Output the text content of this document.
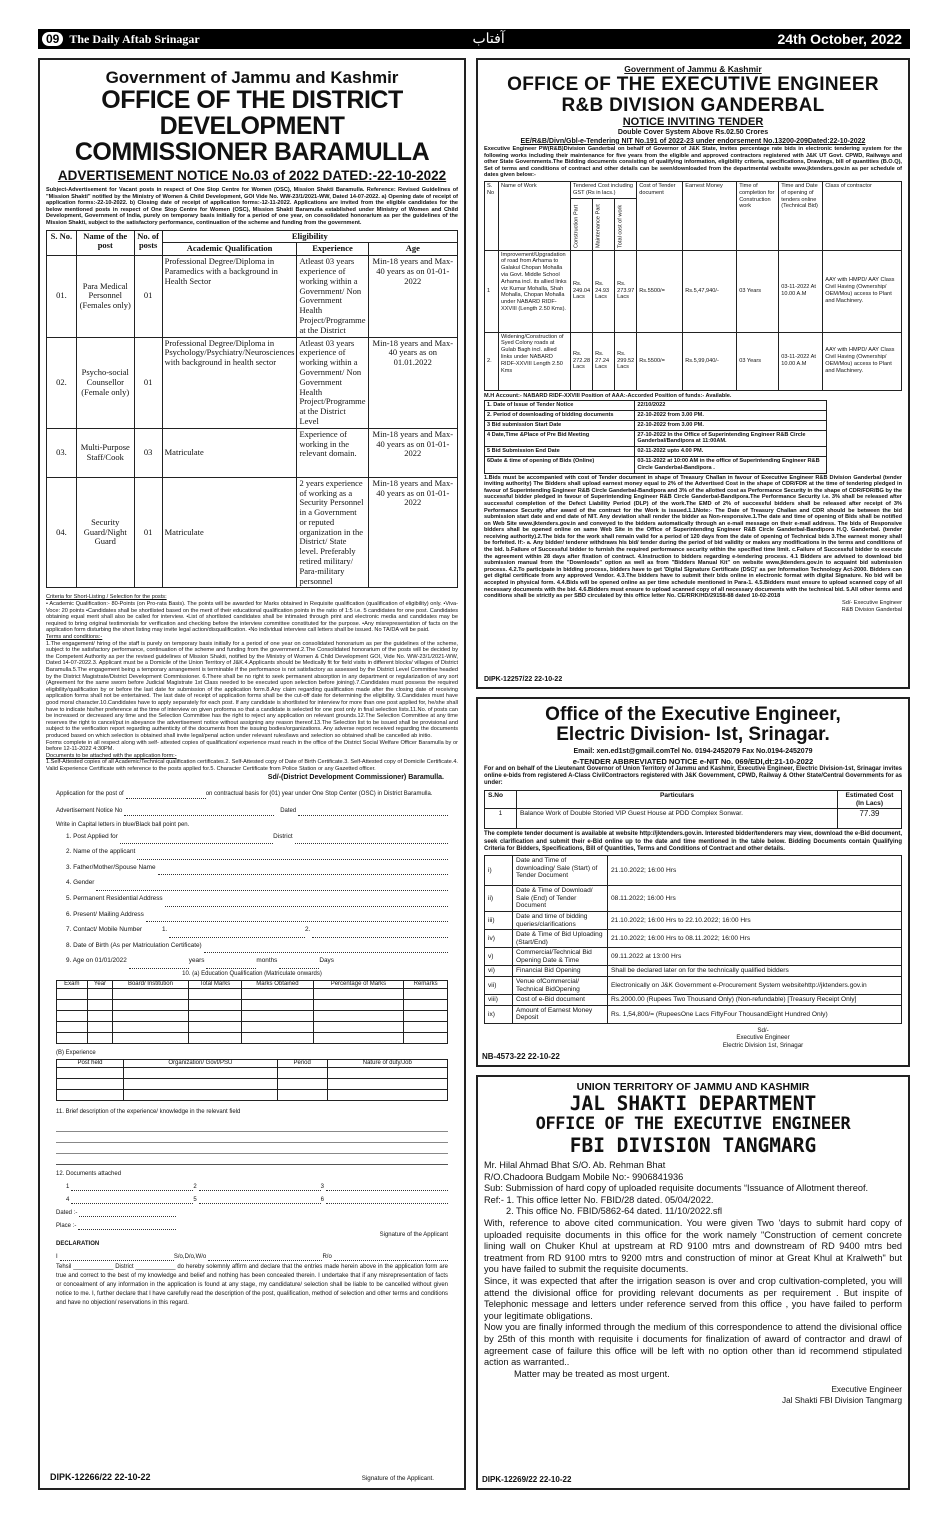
09 The Daily Aftab Srinagar	آفتاب	24th October, 2022
Government of Jammu and Kashmir
OFFICE OF THE DISTRICT DEVELOPMENT
COMMISSIONER BARAMULLA
ADVERTISEMENT NOTICE No.03 of 2022 DATED:-22-10-2022
Subject-Advertisement for Vacant posts in respect of One Stop Centre for Women (OSC), Mission Shakti Baramulla. Reference: Revised Guidelines of "Mission Shakti" notified by the Ministry of Women & Child Development, GOI Vide No. WW-23/1/2021-WW, Dated 14-07-2022. a) Opening date of receipt of application forms:-22-10-2022. b) Closing date of receipt of application forms:-12-11-2022. Applications are invited from the eligible candidates for the below mentioned posts in respect of One Stop Centre for Women (OSC), Mission Shakti Baramulla established under Ministry of Women and Child Development, Government of India, purely on temporary basis initially for a period of one year, on consolidated honorarium as per the guidelines of the Mission Shakti, subject to the satisfactory performance, continuation of the scheme and funding from the government.
S. No.	Name of the post	No. of posts	Eligibility		
			Academic Qualification	Experience	Age
01.	Para Medical Personnel (Females only)	01	Professional Degree/Diploma in Paramedics with a background in Health Sector	Atleast 03 years experience of working within a Government/ Non Government Health Project/Programme at the District	Min-18 years and Max-40 years as on 01-01-2022
02.	Psycho-social Counsellor (Female only)	01	Professional Degree/Diploma in Psychology/Psychiatry/Neurosciences with background in health sector	Atleast 03 years experience of working within a Government/ Non Government Health Project/Programme at the District Level	Min-18 years and Max-40 years as on 01.01.2022
03.	Multi-Purpose Staff/Cook	03	Matriculate	Experience of working in the relevant domain.	Min-18 years and Max-40 years as on 01-01-2022
04.	Security Guard/Night Guard	01	Matriculate	2 years experience of working as a Security Personnel in a Government or reputed organization in the District/ State level. Preferably retired military/ Para-military personnel	Min-18 years and Max-40 years as on 01-01-2022
Criteria for Short-Listing / Selection for the posts:
• Academic Qualification:- 80-Points (on Pro-rata Basis). The points will be awarded for Marks obtained in Requisite qualification (qualification of eligibility) only. •Viva-Voce: 20 points •Candidates shall be shortlisted based on the merit of their educational qualification points in the ratio of 1:5 i.e. 5 candidates for one post. Candidates obtaining equal merit shall also be called for interview. •List of shortlisted candidates shall be intimated through print and electronic media and candidates may be required to bring original testimonials for verification and checking before the interview committee constituted for the purpose. •Any misrepresentation of facts on the application form disturbing the short listing may invite legal action/disqualification. •No individual interview call letters shall be issued. No TA/DA will be paid.
Terms and conditions:-
1.The engagement/ hiring of the staff is purely on temporary basis initially for a period of one year on consolidated honorarium as per the guidelines of the scheme, subject to the satisfactory performance, continuation of the scheme and funding from the government.2.The Consolidated honorarium of the posts will be decided by the Competent Authority as per the revised guidelines of Mission Shakti, notified by the Ministry of Women & Child Development GOI, Vide No. WW-23/1/2021-WW, Dated 14-07-2022.3. Applicant must be a Domicile of the Union Territory of J&K.4.Applicants should be Medically fit for field visits in different blocks/ villages of District Baramulla.5.The engagement being a temporary arrangement is terminable if the performance is not satisfactory as assessed by the District Level Committee headed by the District Magistrate/District Development Commissioner. 6.There shall be no right to seek permanent absorption in any department or regularization of any sort (Agreement for the same sworn before Judicial Magistrate 1st Class needed to be executed upon selection before joining).7.Candidates must possess the required eligibility/qualification by or before the last date for submission of the application form.8.Any claim regarding qualification made after the closing date of receiving application forms shall not be entertained. The last date of receipt of application forms shall be the cut-off date for determining the eligibility. 9.Candidates must have good moral character.10.Candidates have to apply separately for each post. If any candidate is shortlisted for interview for more than one post applied for, he/she shall have to indicate his/her preference at the time of interview on given proforma so that a candidate is selected for one post only in final selection lists.11.No. of posts can be increased or decreased any time and the Selection Committee has the right to reject any application on relevant grounds.12.The Selection Committee at any time reserves the right to cancel/put in abeyance the advertisement notice without assigning any reason thereof.13.The Selection list to be issued shall be provisional and subject to the verification report regarding authenticity of the documents from the issuing bodies/organizations. Any adverse report received regarding the documents produced based on which selection is obtained shall invite legal/penal action under relevant rules/laws and selection so obtained shall be cancelled ab initio.
Forms complete in all respect along with self- attested copies of qualification/ experience must reach in the office of the District Social Welfare Officer Baramulla by or before 12-11-2022 4:30PM.
Documents to be attached with the application form:-
1.Self-Attested copies of all Academic/Technical qualification certificates.2. Self-Attested copy of Date of Birth Certificate.3. Self-Attested copy of Domicile Certificate.4. Valid Experience Certificate with reference to the posts applied for.5. Character Certificate from Police Station or any Gazetted officer.
Sd/-(District Development Commissioner) Baramulla.
Application for the post of	on contractual basis for (01) year under One Stop Center (OSC) in District Baramulla.
Advertisement Notice No	Dated
Write in Capital letters in blue/Black ball point pen.
1. Post Applied for	District
2. Name of the applicant
3. Father/Mother/Spouse Name
4. Gender
5. Permanent Residential Address
6. Present/ Mailing Address
7. Contact/ Mobile Number	1.	2.
8. Date of Birth (As per Matriculation Certificate)
9. Age on 01/01/2022	years	months	Days
10. (a) Education Qualification (Matriculate onwards)
Exam	Year	Board/ Institution	Total Marks	Marks Obtained	Percentage of Marks	Remarks

(B) Experience
Post held	Organization/ Govt/PSU	Period	Nature of duty/Job

11. Brief description of the experience/ knowledge in the relevant field
12. Documents attached
1	2	3
4	5	6
Dated :-
Place :-
Signature of the Applicant
DECLARATION
I	S/o,D/o,W/o	R/o
Tehsil ____________ District ____________ do hereby solemnly affirm and declare that the entries made herein above in the application form are true and correct to the best of my knowledge and belief and nothing has been concealed therein. I undertake that if any misrepresentation of facts or concealment of any information in the application is found at any stage, my candidature/ selection shall be liable to be cancelled without given notice to me. I, further declare that I have carefully read the description of the post, qualification, method of selection and other terms and conditions and have no objection/ reservations in this regard.
DIPK-12266/22 22-10-22	Signature of the Applicant.
Government of Jammu & Kashmir
OFFICE OF THE EXECUTIVE ENGINEER
R&B DIVISION GANDERBAL
NOTICE INVITING TENDER
Double Cover System Above Rs.02.50 Crores
EE/R&B/Divn/Gbl-e-Tendering NIT No.191 of 2022-23 under endorsement No.13200-209Dated:22-10-2022
Executive Engineer PW(R&B)Division Ganderbal on behalf of Governor of J&K State, invites percentage rate bids in electronic tendering system for the following works including their maintenance for five years from the eligible and approved contractors registered with J&K UT Govt. CPWD, Railways and other State Governments.The Bidding documents consisting of qualifying information, eligibility criteria, specifications, Drawings, bill of quantities (B.O.Q), Set of terms and conditions of contract and other details can be seen/downloaded from the departmental website www.jktenders.gov.in as per schedule of dates given below:-
S. No	Name of Work	Tendered Cost including GST (Rs in lacs.)			Cost of Tender document	Earnest Money	Time of completion for Construction work	Time and Date of opening of tenders online (Technical Bid)	Class of contractor
		Construction Part	Maintenance Part	Total cost of work					
1	Improvement/Upgradation of road from Arhama to Galakul Chopan Mohalla via Govt. Middle School Arhama incl. its allied links viz Kumar Mohalla, Shah Mohalla, Chopan Mohalla under NABARD RIDF-XXVIII (Length 2.50 Kms).	Rs. 249.04 Lacs	Rs. 24.93 Lacs	Rs. 273.97 Lacs	Rs.5500/=	Rs.5,47,940/-	03 Years	03-11-2022 At 10.00 A.M	AAY with HMPD/ AAY Class Civil Having (Ownership/ OEM/Mou) access to Plant and Machinery.
2.	Widening/Construction of Syed Colony roads at Gulab Bagh incl. allied links under NABARD RIDF-XXVIII Length 2.50 Kms	Rs. 272.28 Lacs	Rs. 27.24 Lacs	Rs. 299.52 Lacs	Rs.5500/=	Rs.5,99,040/-	03 Years	03-11-2022 At 10.00 A.M	AAY with HMPD/ AAY Class Civil Having (Ownership/ OEM/Mou) access to Plant and Machinery.
M.H Account:- NABARD RIDF-XXVIII Position of AAA:-Accorded Position of funds:- Available.
1. Date of Issue of Tender Notice	22/10/2022
2. Period of downloading of bidding documents	22-10-2022 from 3.00 PM.
3 Bid submission Start Date	22-10-2022 from 3.00 PM.
4 Date,Time &Place of Pre Bid Meeting	27-10-2022 In the Office of Superintending Engineer R&B Circle Ganderbal/Bandipora at 11:00AM.
5 Bid Submission End Date	02-11-2022 upto 4.00 PM.
6Date & time of opening of Bids (Online)	03-11-2022 at 10:00 AM in the office of Superintending Engineer R&B Circle Ganderbal-Bandipora .
1.Bids must be accompanied with cost of Tender document in shape of Treasury Challan in favour of Executive Engineer R&B Division Ganderbal (tender inviting authority) The Bidders shall upload earnest money equal to 2% of the Advertised Cost in the shape of CDR/FDR at the time of tendering pledged in favour of Superintending Engineer R&B Circle Ganderbal-Bandipora and 3% of the allotted cost as Performance Security in the shape of CDR/FDR/BG by the successful bidder pledged in favour of Superintending Engineer R&B Circle Ganderbal-Bandipora.The Performance Security i.e. 3% shall be released after successful completion of the Defect Liability Period (DLP) of the work.The EMD of 2% of successful bidders shall be released after receipt of 3% Performance Security after award of the contract for the Work is issued.1.1Note:- The Date of Treasury Challan and CDR should be between the bid submission start date and end date of NIT. Any deviation shall render the bidder as Non-responsive.1.The date and time of opening of Bids shall be notified on Web Site www.jktenders.gov.in and conveyed to the bidders automatically through an e-mail message on their e-mail address. The bids of Responsive bidders shall be opened online on same Web Site in the Office of Superintending Engineer R&B Circle Ganderbal-Bandipora H.Q. Ganderbal. (tender receiving authority).2.The bids for the work shall remain valid for a period of 120 days from the date of opening of Technical bids 3.The earnest money shall be forfeited. If:- a. Any bidder/ tenderer withdraws his bid/ tender during the period of bid validity or makes any modifications in the terms and conditions of the bid. b.Failure of Successful bidder to furnish the required performance security within the specified time limit. c.Failure of Successful bidder to execute the agreement within 28 days after fixation of contract. 4.Instruction to bidders regarding e-tendering process. 4.1 Bidders are advised to download bid submission manual from the "Downloads" option as well as from "Bidders Manual Kit" on website www.jktenders.gov.in to acquaint bid submission process. 4.2.To participate in bidding process, bidders have to get 'Digital Signature Certificate (DSC)' as per Information Technology Act-2000. Bidders can get digital certificate from any approved Vendor. 4.3.The bidders have to submit their bids online in electronic format with digital Signature. No bid will be accepted in physical form. 4.4.Bids will be opened online as per time schedule mentioned in Para-1. 4.5.Bidders must ensure to upload scanned copy of all necessary documents with the bid. 4.6.Bidders must ensure to upload scanned copy of all necessary documents with the technical bid. 5.All other terms and conditions shall be strictly as per SBD circulated by this office letter No. CE/RRK/HD/29158-88 dated 10-02-2018
Sd/- Executive Engineer
R&B Division Ganderbal
DIPK-12257/22 22-10-22
Office of the Executive Engineer,
Electric Division- Ist, Srinagar.
Email: xen.ed1st@gmail.comTel No. 0194-2452079 Fax No.0194-2452079
e-TENDER ABBREVIATED NOTICE e-NIT No. 069/EDI,dt:21-10-2022
For and on behalf of the Lieutenant Governor of Union Territory of Jammu and Kashmir, Executive Engineer, Electric Division-1st, Srinagar invites online e-bids from registered A-Class CivilContractors registered with J&K Government, CPWD, Railway & Other State/Central Governments for as under:
S.No	Particulars	Estimated Cost (In Lacs)
1	Balance Work of Double Storied VIP Guest House at PDD Complex Sonwar.	77.39
The complete tender document is available at website http://jktenders.gov.in. Interested bidder/tenderers may view, download the e-Bid document, seek clarification and submit their e-Bid online up to the date and time mentioned in the table below. Bidding Documents contain Qualifying Criteria for Bidders, Specifications, Bill of Quantities, Terms and Conditions of Contract and other details.
i)	Date and Time of downloading/ Sale (Start) of Tender Document	21.10.2022; 16:00 Hrs
ii)	Date & Time of Download/ Sale (End) of Tender Document	08.11.2022; 16:00 Hrs
iii)	Date and time of bidding queries/clarifications	21.10.2022; 16:00 Hrs to 22.10.2022; 16:00 Hrs
iv)	Date & Time of Bid Uploading (Start/End)	21.10.2022; 16:00 Hrs to 08.11.2022; 16:00 Hrs
v)	Commercial/Technical Bid Opening Date & Time	09.11.2022 at 13:00 Hrs
vi)	Financial Bid Opening	Shall be declared later on for the technically qualified bidders
vii)	Venue ofCommercial/ Technical BidOpening	Electronically on J&K Government e-Procurement System websitehttp://jktenders.gov.in
viii)	Cost of e-Bid document	Rs.2000.00 (Rupees Two Thousand Only) (Non-refundable) [Treasury Receipt Only]
ix)	Amount of Earnest Money Deposit	Rs. 1,54,800/= (RupeesOne Lacs FiftyFour ThousandEight Hundred Only)
Sd/-
Executive Engineer
Electric Division 1st, Srinagar
NB-4573-22 22-10-22
UNION TERRITORY OF JAMMU AND KASHMIR
JAL SHAKTI DEPARTMENT
OFFICE OF THE EXECUTIVE ENGINEER
FBI DIVISION TANGMARG
Mr. Hilal Ahmad Bhat S/O. Ab. Rehman Bhat
R/O.Chadoora Budgam Mobile No:- 9906841936
Sub: Submission of hard copy of uploaded requisite documents “Issuance of Allotment thereof.
Ref:- 1. This office letter No. FBID/28 dated. 05/04/2022.
2. This office No. FBID/5862-64 dated. 11/10/2022.sfl
With, reference to above cited communication. You were given Two 'days to submit hard copy of uploaded requisite documents in this office for the work namely "Construction of cement concrete lining wall on Chuker Khul at upstream at RD 9100 mtrs and downstream of RD 9400 mtrs bed treatment from RD 9100 mtrs to 9200 mtrs and construction of minor at Great Khul at Kralweth" but you have failed to submit the requisite documents.
Since, it was expected that after the irrigation season is over and crop cultivation-completed, you will attend the divisional office for providing relevant documents as per requirement . But inspite of Telephonic message and letters under reference served from this office , you have failed to perform your legitimate obligations.
Now you are finally informed through the medium of this correspondence to attend the divisional office by 25th of this month with requisite i documents for finalization of award of contractor and drawl of agreement case of failure this office will be left with no option other than id recommend stipulated action as warranted..
Matter may be treated as most urgent.
Executive Engineer
Jal Shakti FBI Division Tangmarg
DIPK-12269/22 22-10-22
